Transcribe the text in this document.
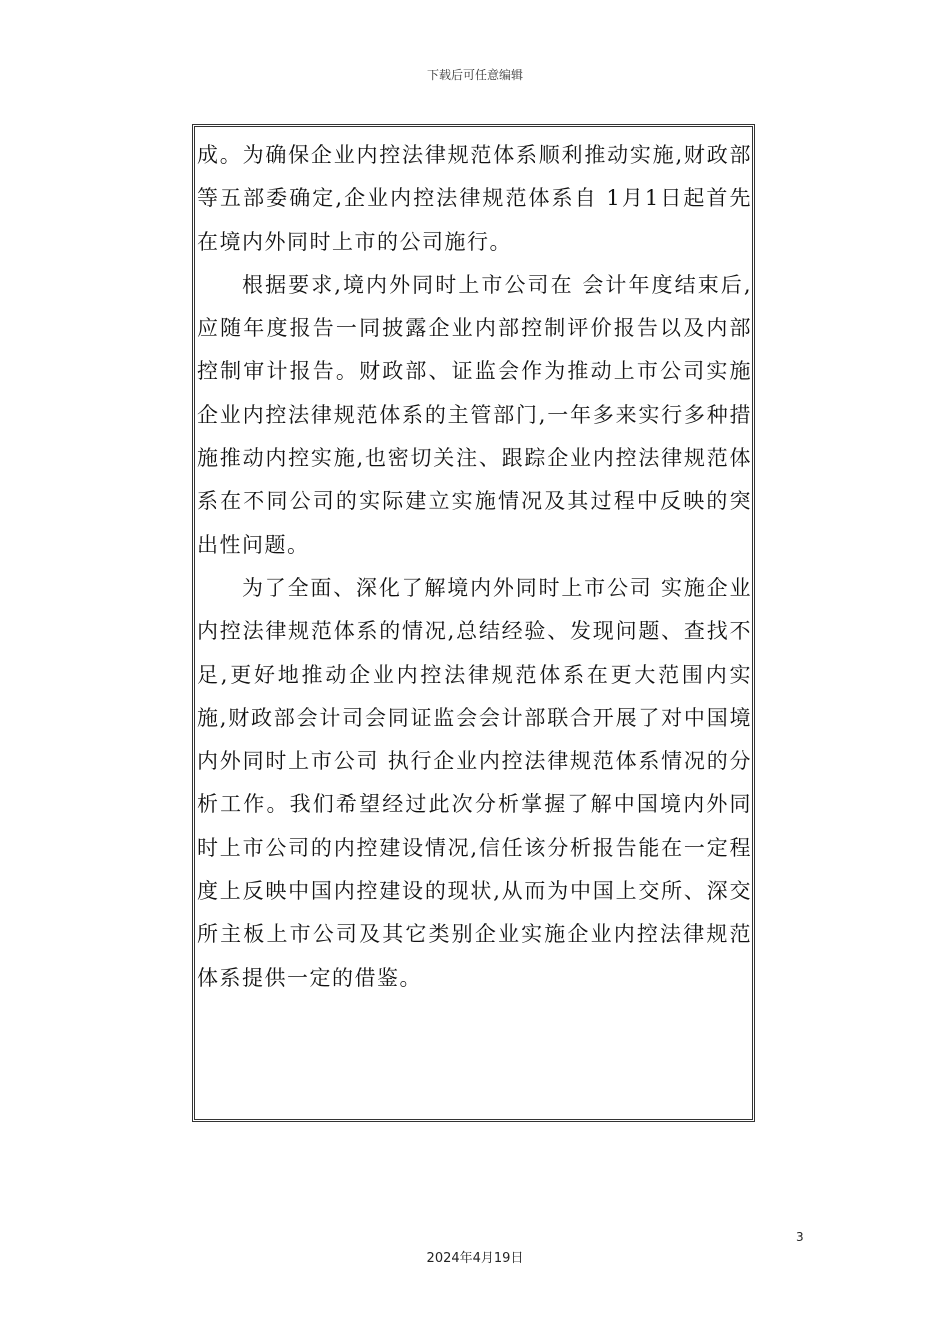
下载后可任意编辑

成。为确保企业内控法律规范体系顺利推动实施,财政部等五部委确定,企业内控法律规范体系自 1月1日起首先在境内外同时上市的公司施行。

根据要求,境内外同时上市公司在 会计年度结束后,应随年度报告一同披露企业内部控制评价报告以及内部控制审计报告。财政部、证监会作为推动上市公司实施企业内控法律规范体系的主管部门,一年多来实行多种措施推动内控实施,也密切关注、跟踪企业内控法律规范体系在不同公司的实际建立实施情况及其过程中反映的突出性问题。

为了全面、深化了解境内外同时上市公司 实施企业内控法律规范体系的情况,总结经验、发现问题、查找不足,更好地推动企业内控法律规范体系在更大范围内实施,财政部会计司会同证监会会计部联合开展了对中国境内外同时上市公司 执行企业内控法律规范体系情况的分析工作。我们希望经过此次分析掌握了解中国境内外同时上市公司的内控建设情况,信任该分析报告能在一定程度上反映中国内控建设的现状,从而为中国上交所、深交所主板上市公司及其它类别企业实施企业内控法律规范体系提供一定的借鉴。

3
2024年4月19日
